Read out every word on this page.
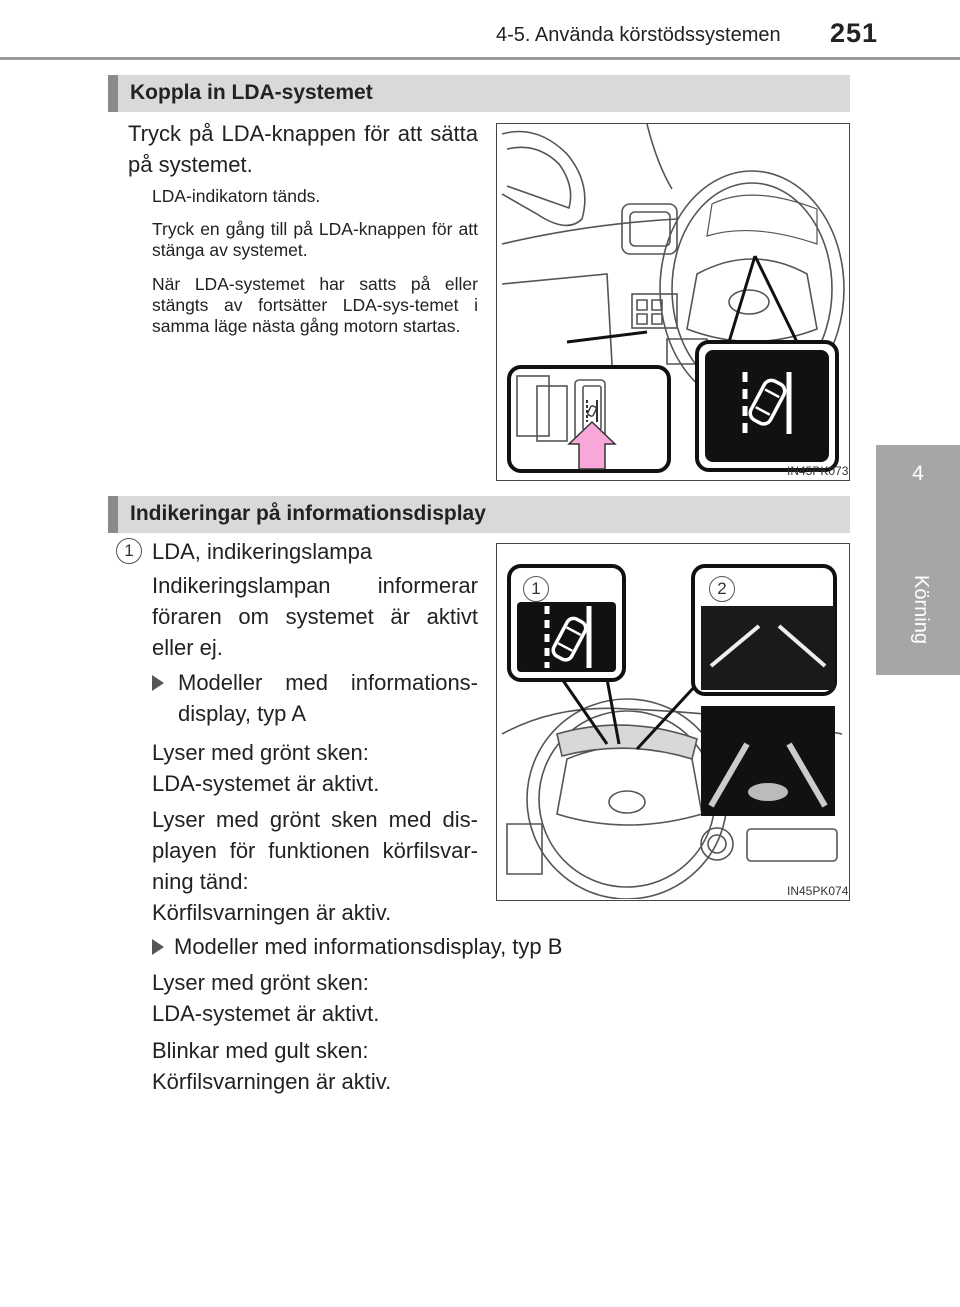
4-5. Använda körstödssystemen 251
4
Körning
Koppla in LDA-systemet
Tryck på LDA-knappen för att sätta på systemet.
LDA-indikatorn tänds.
Tryck en gång till på LDA-knappen för att stänga av systemet.
När LDA-systemet har satts på eller stängts av fortsätter LDA-sys-temet i samma läge nästa gång motorn startas.
IN45PK073
Indikeringar på informationsdisplay
1 LDA, indikeringslampa
Indikeringslampan informerar föraren om systemet är aktivt eller ej.
Modeller med informations-display, typ A
Lyser med grönt sken:
LDA-systemet är aktivt.
Lyser med grönt sken med dis-playen för funktionen körfilsvar-ning tänd:
Körfilsvarningen är aktiv.
Modeller med informationsdisplay, typ B
Lyser med grönt sken:
LDA-systemet är aktivt.
Blinkar med gult sken:
Körfilsvarningen är aktiv.
1	2
IN45PK074
